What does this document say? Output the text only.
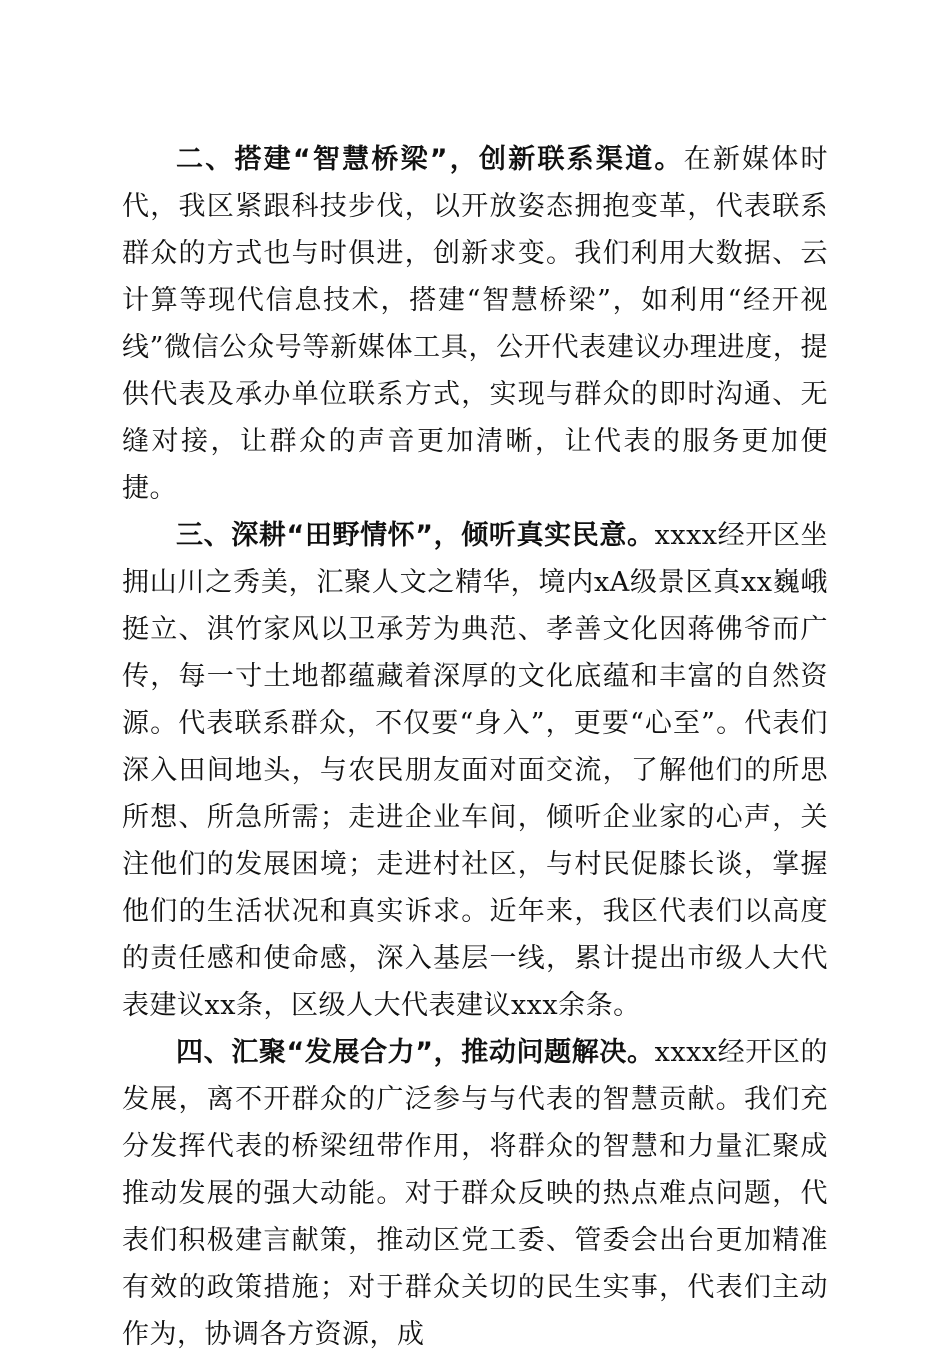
二、搭建“智慧桥梁”，创新联系渠道。在新媒体时代，我区紧跟科技步伐，以开放姿态拥抱变革，代表联系群众的方式也与时俱进，创新求变。我们利用大数据、云计算等现代信息技术，搭建“智慧桥梁”，如利用“经开视线”微信公众号等新媒体工具，公开代表建议办理进度，提供代表及承办单位联系方式，实现与群众的即时沟通、无缝对接，让群众的声音更加清晰，让代表的服务更加便捷。

三、深耕“田野情怀”，倾听真实民意。xxxx经开区坐拥山川之秀美，汇聚人文之精华，境内xA级景区真xx巍峨挺立、淇竹家风以卫承芳为典范、孝善文化因蒋佛爷而广传，每一寸土地都蕴藏着深厚的文化底蕴和丰富的自然资源。代表联系群众，不仅要“身入”，更要“心至”。代表们深入田间地头，与农民朋友面对面交流，了解他们的所思所想、所急所需；走进企业车间，倾听企业家的心声，关注他们的发展困境；走进村社区，与村民促膝长谈，掌握他们的生活状况和真实诉求。近年来，我区代表们以高度的责任感和使命感，深入基层一线，累计提出市级人大代表建议xx条，区级人大代表建议xxx余条。

四、汇聚“发展合力”，推动问题解决。xxxx经开区的发展，离不开群众的广泛参与与代表的智慧贡献。我们充分发挥代表的桥梁纽带作用，将群众的智慧和力量汇聚成推动发展的强大动能。对于群众反映的热点难点问题，代表们积极建言献策，推动区党工委、管委会出台更加精准有效的政策措施；对于群众关切的民生实事，代表们主动作为，协调各方资源，成
